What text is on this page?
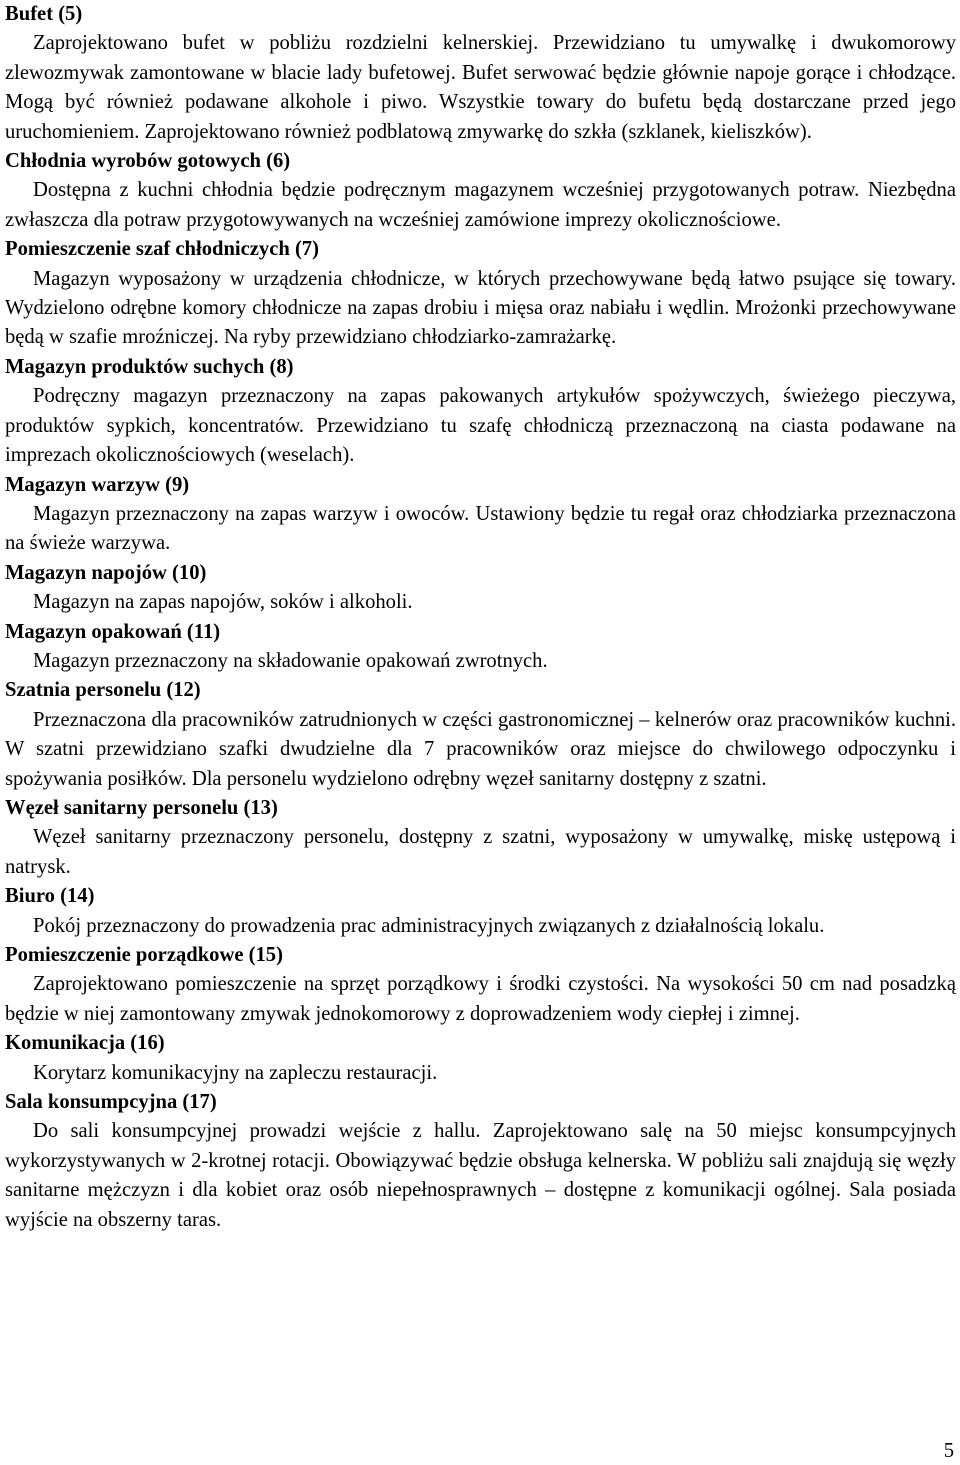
Bufet (5)

Zaprojektowano bufet w pobliżu rozdzielni kelnerskiej. Przewidziano tu umywalkę i dwukomorowy zlewozmywak zamontowane w blacie lady bufetowej. Bufet serwować będzie głównie napoje gorące i chłodzące. Mogą być również podawane alkohole i piwo. Wszystkie towary do bufetu będą dostarczane przed jego uruchomieniem. Zaprojektowano również podblatową zmywarkę do szkła (szklanek, kieliszków).

Chłodnia wyrobów gotowych (6)

Dostępna z kuchni chłodnia będzie podręcznym magazynem wcześniej przygotowanych potraw. Niezbędna zwłaszcza dla potraw przygotowywanych na wcześniej zamówione imprezy okolicznościowe.

Pomieszczenie szaf chłodniczych (7)

Magazyn wyposażony w urządzenia chłodnicze, w których przechowywane będą łatwo psujące się towary. Wydzielono odrębne komory chłodnicze na zapas drobiu i mięsa oraz nabiału i wędlin. Mrożonki przechowywane będą w szafie mroźniczej. Na ryby przewidziano chłodziarko-zamrażarkę.

Magazyn produktów suchych (8)

Podręczny magazyn przeznaczony na zapas pakowanych artykułów spożywczych, świeżego pieczywa, produktów sypkich, koncentratów. Przewidziano tu szafę chłodniczą przeznaczoną na ciasta podawane na imprezach okolicznościowych (weselach).

Magazyn warzyw (9)

Magazyn przeznaczony na zapas warzyw i owoców. Ustawiony będzie tu regał oraz chłodziarka przeznaczona na świeże warzywa.

Magazyn napojów (10)

Magazyn na zapas napojów, soków i alkoholi.

Magazyn opakowań (11)

Magazyn przeznaczony na składowanie opakowań zwrotnych.

Szatnia personelu (12)

Przeznaczona dla pracowników zatrudnionych w części gastronomicznej – kelnerów oraz pracowników kuchni. W szatni przewidziano szafki dwudzielne dla 7 pracowników oraz miejsce do chwilowego odpoczynku i spożywania posiłków. Dla personelu wydzielono odrębny węzeł sanitarny dostępny z szatni.

Węzeł sanitarny personelu (13)

Węzeł sanitarny przeznaczony personelu, dostępny z szatni, wyposażony w umywalkę, miskę ustępową i natrysk.

Biuro (14)

Pokój przeznaczony do prowadzenia prac administracyjnych związanych z działalnością lokalu.

Pomieszczenie porządkowe (15)

Zaprojektowano pomieszczenie na sprzęt porządkowy i środki czystości. Na wysokości 50 cm nad posadzką będzie w niej zamontowany zmywak jednokomorowy z doprowadzeniem wody ciepłej i zimnej.

Komunikacja (16)

Korytarz komunikacyjny na zapleczu restauracji.

Sala konsumpcyjna (17)

Do sali konsumpcyjnej prowadzi wejście z hallu. Zaprojektowano salę na 50 miejsc konsumpcyjnych wykorzystywanych w 2-krotnej rotacji. Obowiązywać będzie obsługa kelnerska. W pobliżu sali znajdują się węzły sanitarne mężczyzn i dla kobiet oraz osób niepełnosprawnych – dostępne z komunikacji ogólnej. Sala posiada wyjście na obszerny taras.

5
